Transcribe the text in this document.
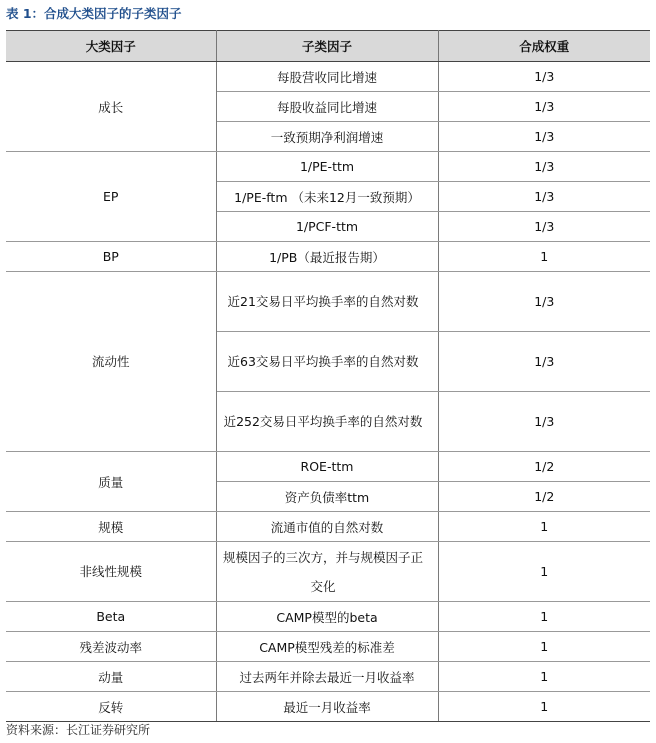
表 1：合成大类因子的子类因子
大类因子	子类因子	合成权重
成长	每股营收同比增速	1/3
	每股收益同比增速	1/3
	一致预期净利润增速	1/3
EP	1/PE-ttm	1/3
	1/PE-ftm （未来12月一致预期）	1/3
	1/PCF-ttm	1/3
BP	1/PB（最近报告期）	1
流动性	近21交易日平均换手率的自然对数	1/3
	近63交易日平均换手率的自然对数	1/3
	近252交易日平均换手率的自然对数	1/3
质量	ROE-ttm	1/2
	资产负债率ttm	1/2
规模	流通市值的自然对数	1
非线性规模	规模因子的三次方，并与规模因子正交化	1
Beta	CAMP模型的beta	1
残差波动率	CAMP模型残差的标准差	1
动量	过去两年并除去最近一月收益率	1
反转	最近一月收益率	1
资料来源：长江证券研究所
